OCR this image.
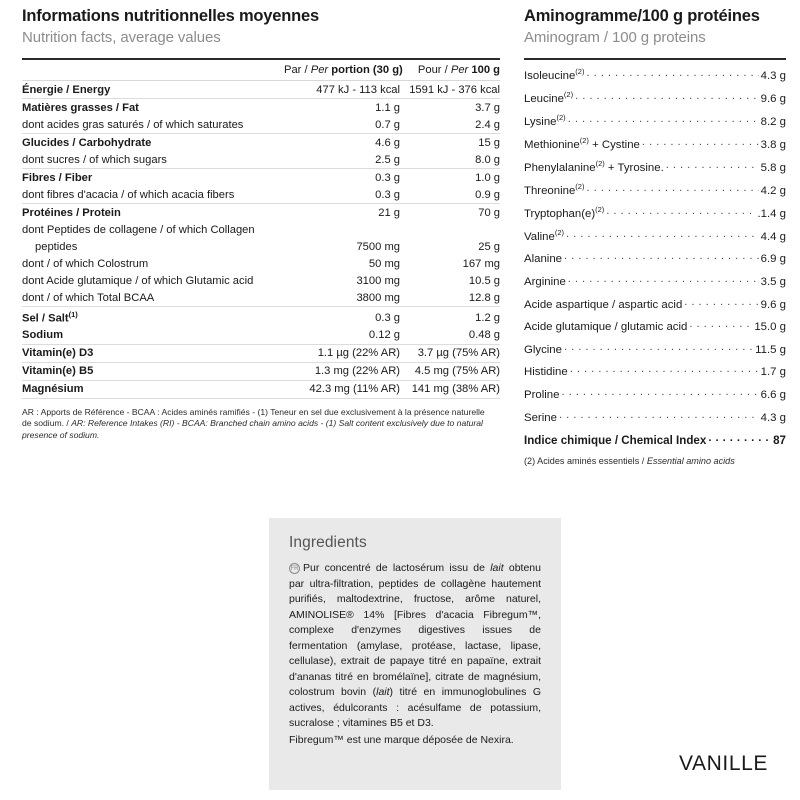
Informations nutritionnelles moyennes
Nutrition facts, average values
	Par / Per portion (30 g)	Pour / Per 100 g
Énergie / Energy	477 kJ - 113 kcal	1591 kJ - 376 kcal
Matières grasses / Fat	1.1 g	3.7 g
dont acides gras saturés / of which saturates	0.7 g	2.4 g
Glucides / Carbohydrate	4.6 g	15 g
dont sucres / of which sugars	2.5 g	8.0 g
Fibres / Fiber	0.3 g	1.0 g
dont fibres d'acacia / of which acacia fibers	0.3 g	0.9 g
Protéines / Protein	21 g	70 g
dont Peptides de collagene / of which Collagen		
peptides	7500 mg	25 g
dont / of which Colostrum	50 mg	167 mg
dont Acide glutamique / of which Glutamic acid	3100 mg	10.5 g
dont / of which Total BCAA	3800 mg	12.8 g
Sel / Salt$^{(1)}$	0.3 g	1.2 g
Sodium	0.12 g	0.48 g
Vitamin(e) D3	1.1 µg (22% AR)	3.7 µg (75% AR)
Vitamin(e) B5	1.3 mg (22% AR)	4.5 mg (75% AR)
Magnésium	42.3 mg (11% AR)	141 mg (38% AR)
AR : Apports de Référence - BCAA : Acides aminés ramifiés - (1) Teneur en sel due exclusivement à la présence naturelle de sodium. / AR: Reference Intakes (RI) - BCAA: Branched chain amino acids - (1) Salt content exclusively due to natural presence of sodium.
Aminogramme/100 g protéines
Aminogram / 100 g proteins
Isoleucine$^{(2)}$ . . .	4.3 g
Leucine$^{(2)}$ . . .	9.6 g
Lysine$^{(2)}$ . . .	8.2 g
Methionine$^{(2)}$ + Cystine . . .	3.8 g
Phenylalanine$^{(2)}$ + Tyrosine. . . .	5.8 g
Threonine$^{(2)}$ . . .	4.2 g
$Tryptophan(e)^{(2)}$ . . .	.1.4 g
Valine$^{(2)}$ . . .	4.4 g
Alanine . . .	6.9 g
Arginine . . .	3.5 g
Acide aspartique / aspartic acid . . .	9.6 g
Acide glutamique / glutamic acid . . .	15.0 g
Glycine . . .	11.5 g
Histidine . . .	1.7 g
Proline . . .	6.6 g
Serine . . .	4.3 g
Indice chimique / Chemical Index . . .	87
(2) Acides aminés essentiels / Essential amino acids
Ingredients
FR Pur concentré de lactosérum issu de lait obtenu par ultra-filtration, peptides de collagène hautement purifiés, maltodextrine, fructose, arôme naturel, AMINOLISE® 14% [Fibres d'acacia Fibregum™, complexe d'enzymes digestives issues de fermentation (amylase, protéase, lactase, lipase, cellulase), extrait de papaye titré en papaïne, extrait d'ananas titré en bromélaïne], citrate de magnésium, colostrum bovin (lait) titré en immunoglobulines G actives, édulcorants : acésulfame de potassium, sucralose ; vitamines B5 et D3.
Fibregum™ est une marque déposée de Nexira.
VANILLE
